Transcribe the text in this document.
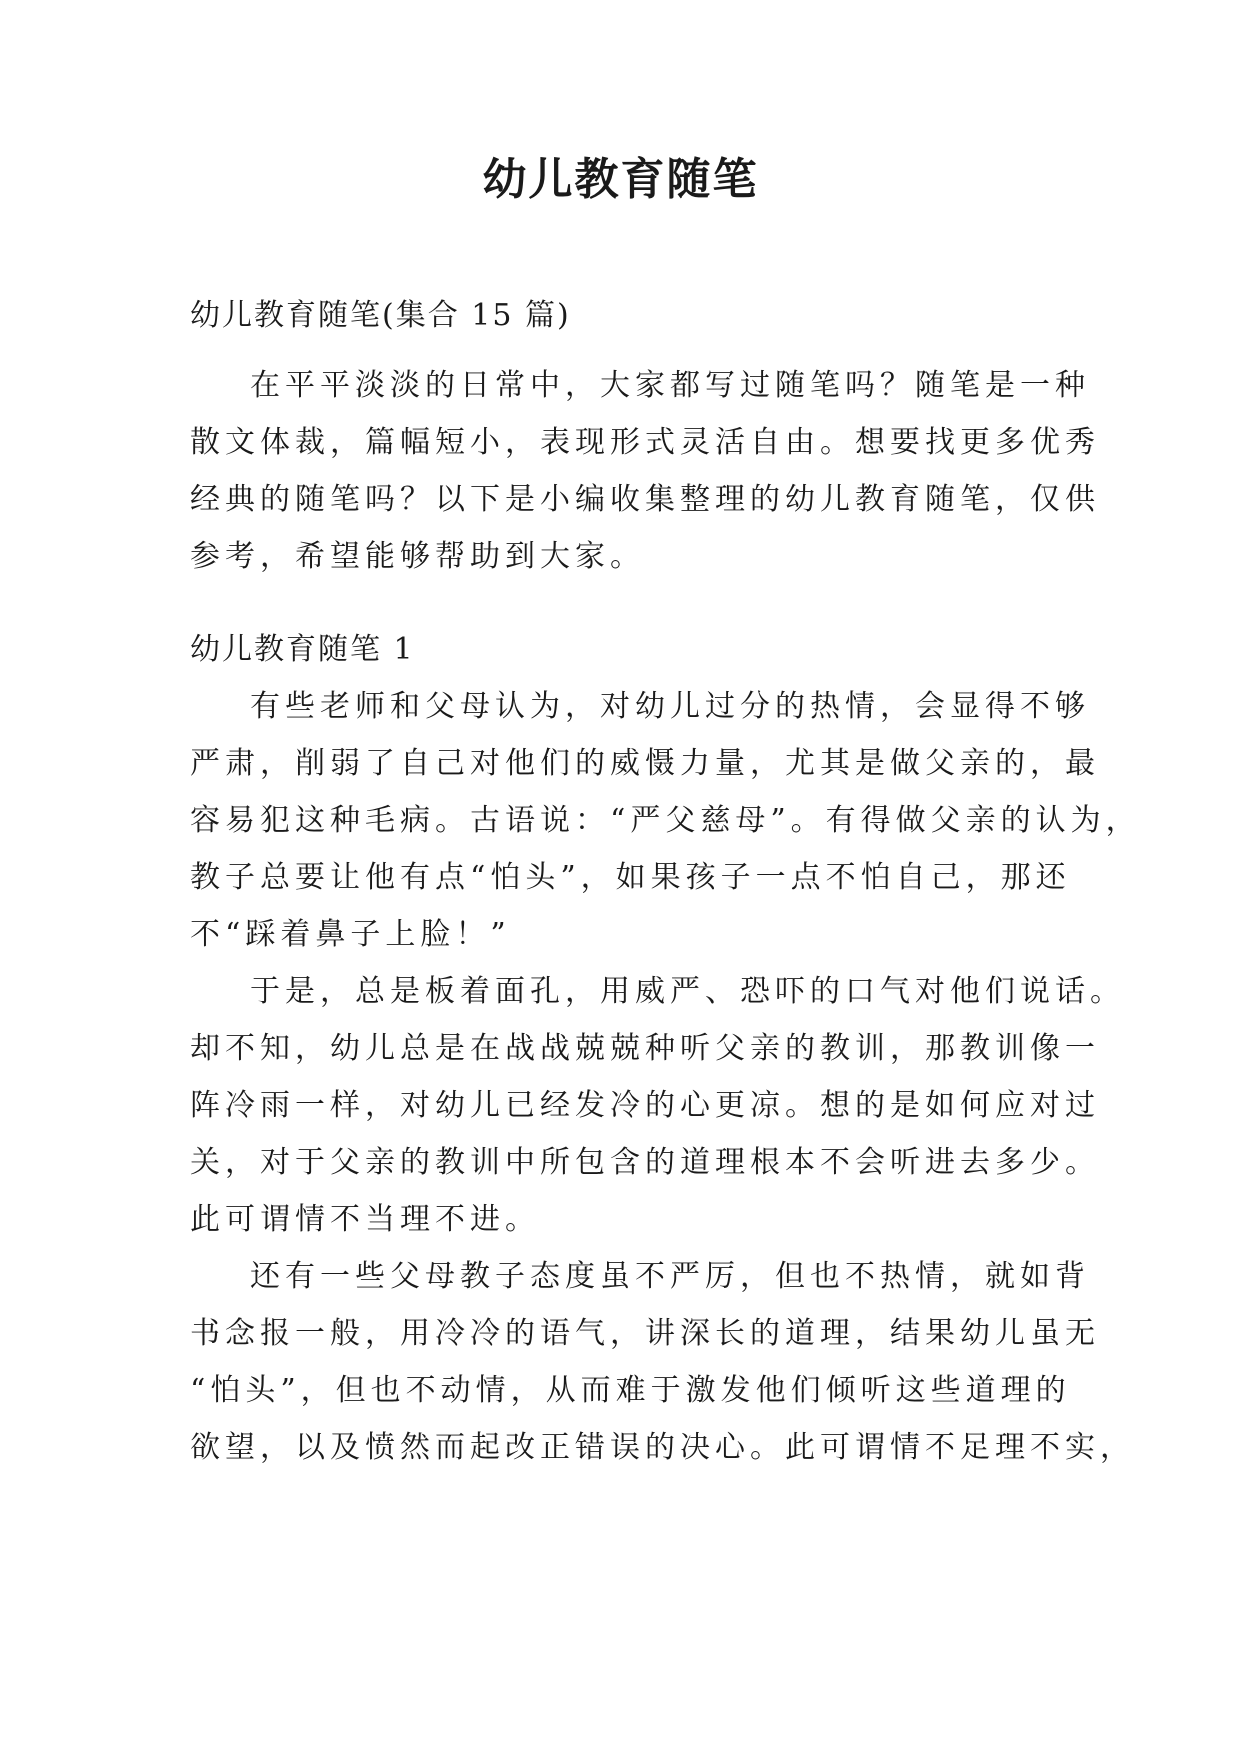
幼儿教育随笔
幼儿教育随笔(集合 15 篇)
在平平淡淡的日常中，大家都写过随笔吗？随笔是一种
散文体裁，篇幅短小，表现形式灵活自由。想要找更多优秀
经典的随笔吗？以下是小编收集整理的幼儿教育随笔，仅供
参考，希望能够帮助到大家。
幼儿教育随笔 1
有些老师和父母认为，对幼儿过分的热情，会显得不够
严肃，削弱了自己对他们的威慑力量，尤其是做父亲的，最
容易犯这种毛病。古语说：“严父慈母”。有得做父亲的认为，
教子总要让他有点“怕头”，如果孩子一点不怕自己，那还
不“踩着鼻子上脸！”
于是，总是板着面孔，用威严、恐吓的口气对他们说话。
却不知，幼儿总是在战战兢兢种听父亲的教训，那教训像一
阵冷雨一样，对幼儿已经发冷的心更凉。想的是如何应对过
关，对于父亲的教训中所包含的道理根本不会听进去多少。
此可谓情不当理不进。
还有一些父母教子态度虽不严厉，但也不热情，就如背
书念报一般，用冷冷的语气，讲深长的道理，结果幼儿虽无
“怕头”，但也不动情，从而难于激发他们倾听这些道理的
欲望，以及愤然而起改正错误的决心。此可谓情不足理不实，
